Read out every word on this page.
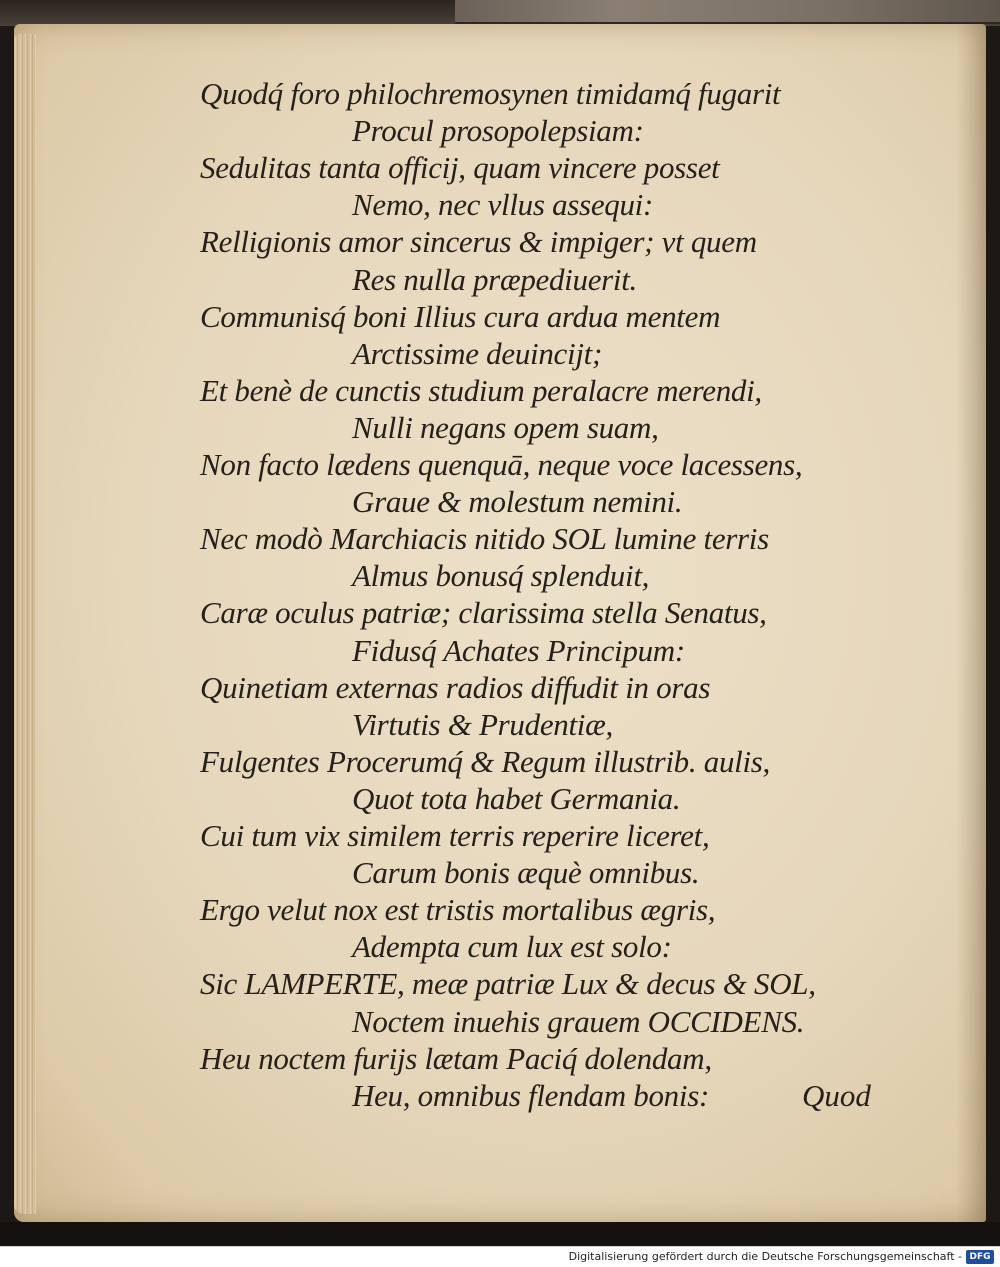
Quodq́ foro philochremosynen timidamq́ fugarit
Procul prosopolepsiam:
Sedulitas tanta officij, quam vincere posset
Nemo, nec vllus assequi:
Relligionis amor sincerus & impiger; vt quem
Res nulla præpediuerit.
Communisq́ boni Illius cura ardua mentem
Arctissime deuincijt;
Et benè de cunctis studium peralacre merendi,
Nulli negans opem suam,
Non facto lædens quenquā, neque voce lacessens,
Graue & molestum nemini.
Nec modò Marchiacis nitido SOL lumine terris
Almus bonusq́ splenduit,
Caræ oculus patriæ; clarissima stella Senatus,
Fidusq́ Achates Principum:
Quinetiam externas radios diffudit in oras
Virtutis & Prudentiæ,
Fulgentes Procerumq́ & Regum illustrib. aulis,
Quot tota habet Germania.
Cui tum vix similem terris reperire liceret,
Carum bonis æquè omnibus.
Ergo velut nox est tristis mortalibus ægris,
Adempta cum lux est solo:
Sic LAMPERTE, meæ patriæ Lux & decus & SOL,
Noctem inuehis grauem OCCIDENS.
Heu noctem furijs lætam Paciq́ dolendam,
Heu, omnibus flendam bonis:	Quod
Digitalisierung gefördert durch die Deutsche Forschungsgemeinschaft - DFG
